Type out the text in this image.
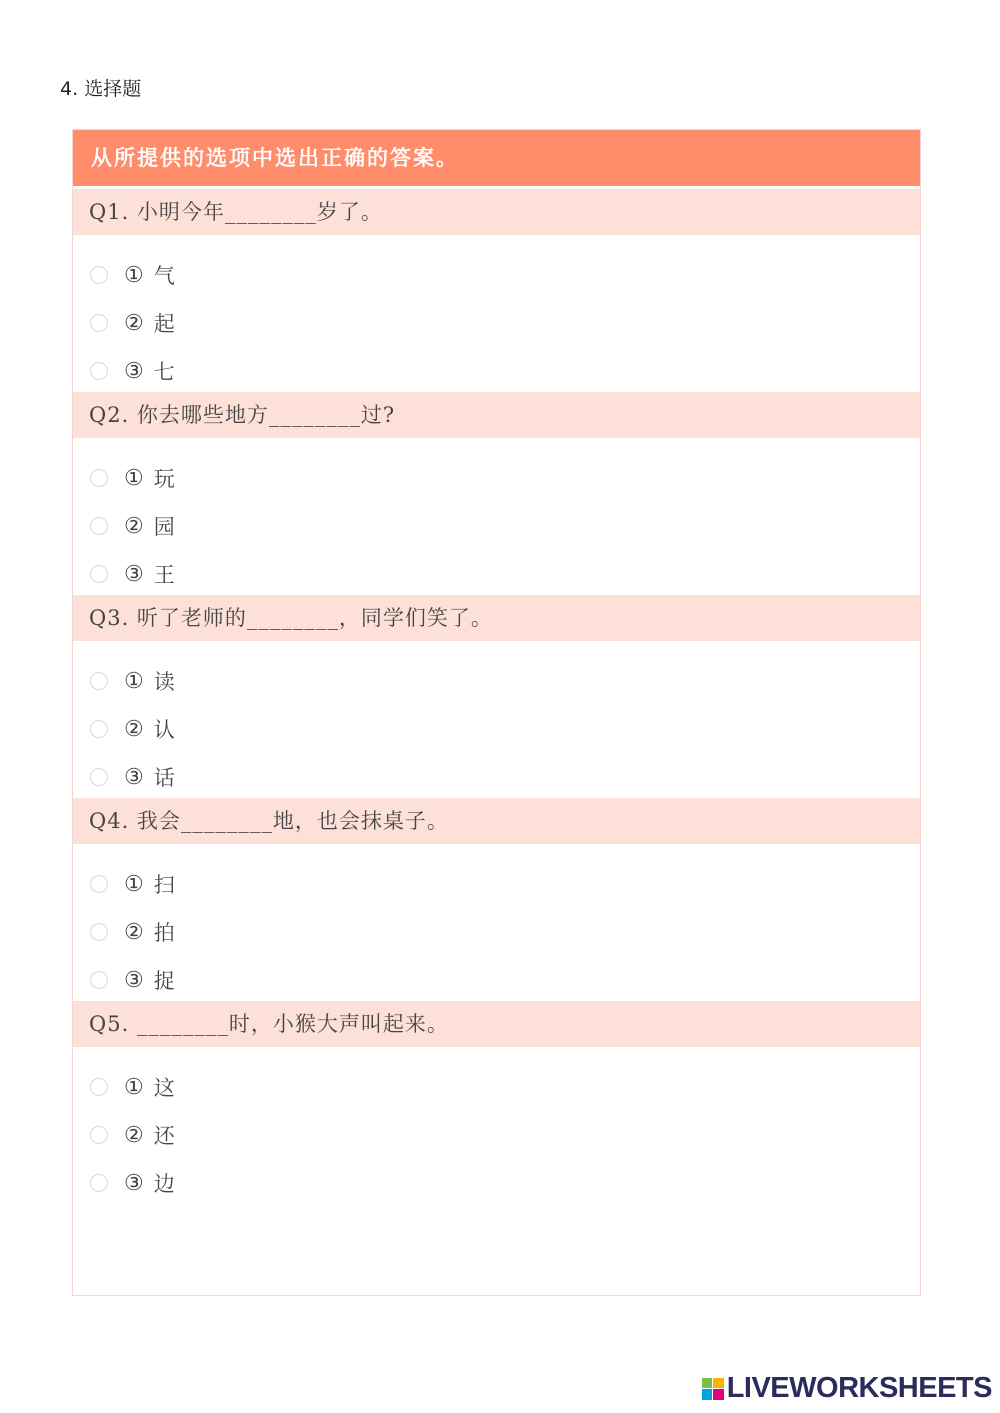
4. 选择题
从所提供的选项中选出正确的答案。
Q1. 小明今年________岁了。
① 气
② 起
③ 七
Q2. 你去哪些地方________过?
① 玩
② 园
③ 王
Q3. 听了老师的________，同学们笑了。
① 读
② 认
③ 话
Q4. 我会________地，也会抹桌子。
① 扫
② 拍
③ 捉
Q5. ________时，小猴大声叫起来。
① 这
② 还
③ 边
LIVEWORKSHEETS
